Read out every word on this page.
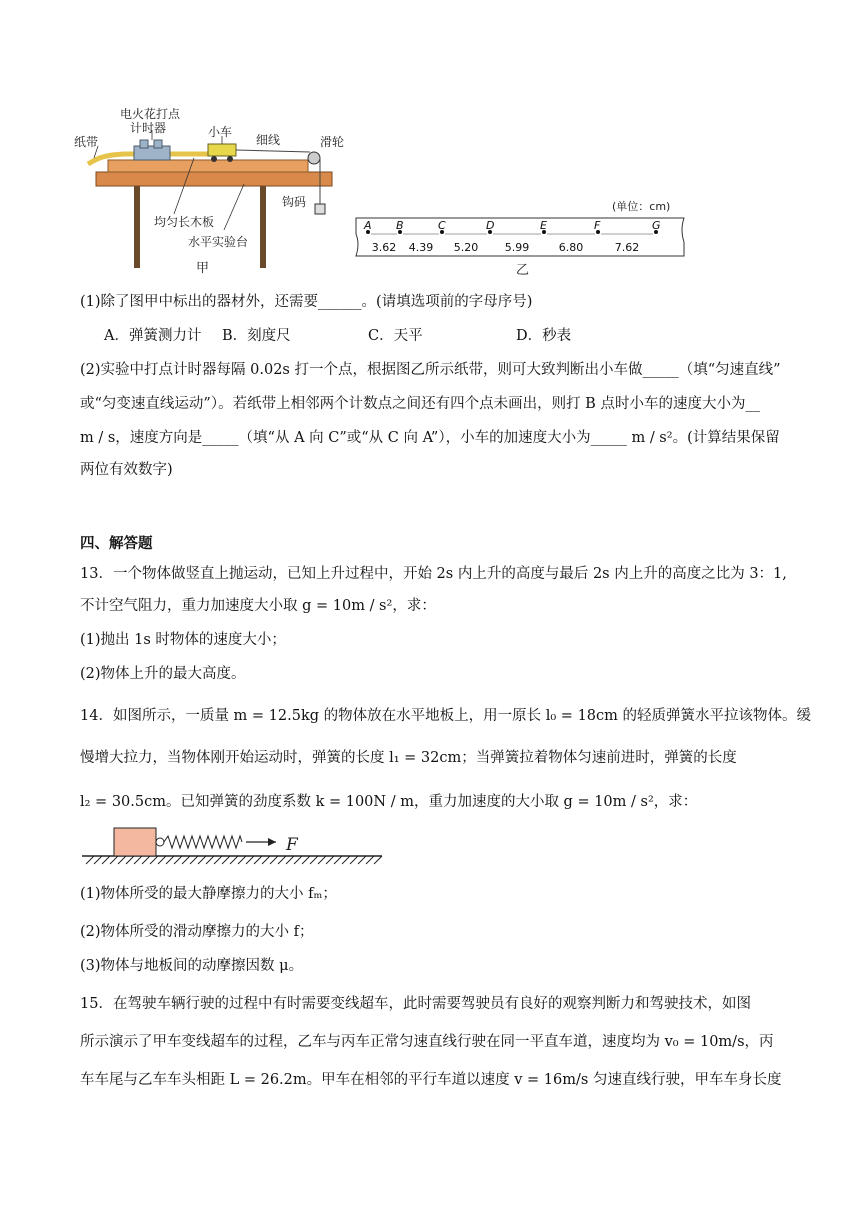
纸带
电火花打点
计时器	小车
细线	滑轮
均匀长木板
水平实验台
钩码
甲
(单位：cm)
A B	C	D	E	F	G
3.62 4.39 5.20 5.99	6.80	7.62
乙
(1)除了图甲中标出的器材外，还需要______。(请填选项前的字母序号)
A．弹簧测力计 B．刻度尺	C．天平	D．秒表
(2)实验中打点计时器每隔 0.02s 打一个点，根据图乙所示纸带，则可大致判断出小车做_____（填“匀速直线”
或“匀变速直线运动”）。若纸带上相邻两个计数点之间还有四个点未画出，则打 B 点时小车的速度大小为__
m / s，速度方向是_____（填“从 A 向 C”或“从 C 向 A”），小车的加速度大小为_____ m / s²。(计算结果保留
两位有效数字)
四、解答题
13．一个物体做竖直上抛运动，已知上升过程中，开始 2s 内上升的高度与最后 2s 内上升的高度之比为 3：1,
不计空气阻力，重力加速度大小取 g = 10m / s²，求：
(1)抛出 1s 时物体的速度大小；
(2)物体上升的最大高度。
14．如图所示，一质量 m = 12.5kg 的物体放在水平地板上，用一原长 l₀ = 18cm 的轻质弹簧水平拉该物体。缓
慢增大拉力，当物体刚开始运动时，弹簧的长度 l₁ = 32cm；当弹簧拉着物体匀速前进时，弹簧的长度
l₂ = 30.5cm。已知弹簧的劲度系数 k = 100N / m，重力加速度的大小取 g = 10m / s²，求：
F
(1)物体所受的最大静摩擦力的大小 fₘ；
(2)物体所受的滑动摩擦力的大小 f；
(3)物体与地板间的动摩擦因数 μ。
15．在驾驶车辆行驶的过程中有时需要变线超车，此时需要驾驶员有良好的观察判断力和驾驶技术，如图
所示演示了甲车变线超车的过程，乙车与丙车正常匀速直线行驶在同一平直车道，速度均为 v₀ = 10m/s，丙
车车尾与乙车车头相距 L = 26.2m。甲车在相邻的平行车道以速度 v = 16m/s 匀速直线行驶，甲车车身长度
